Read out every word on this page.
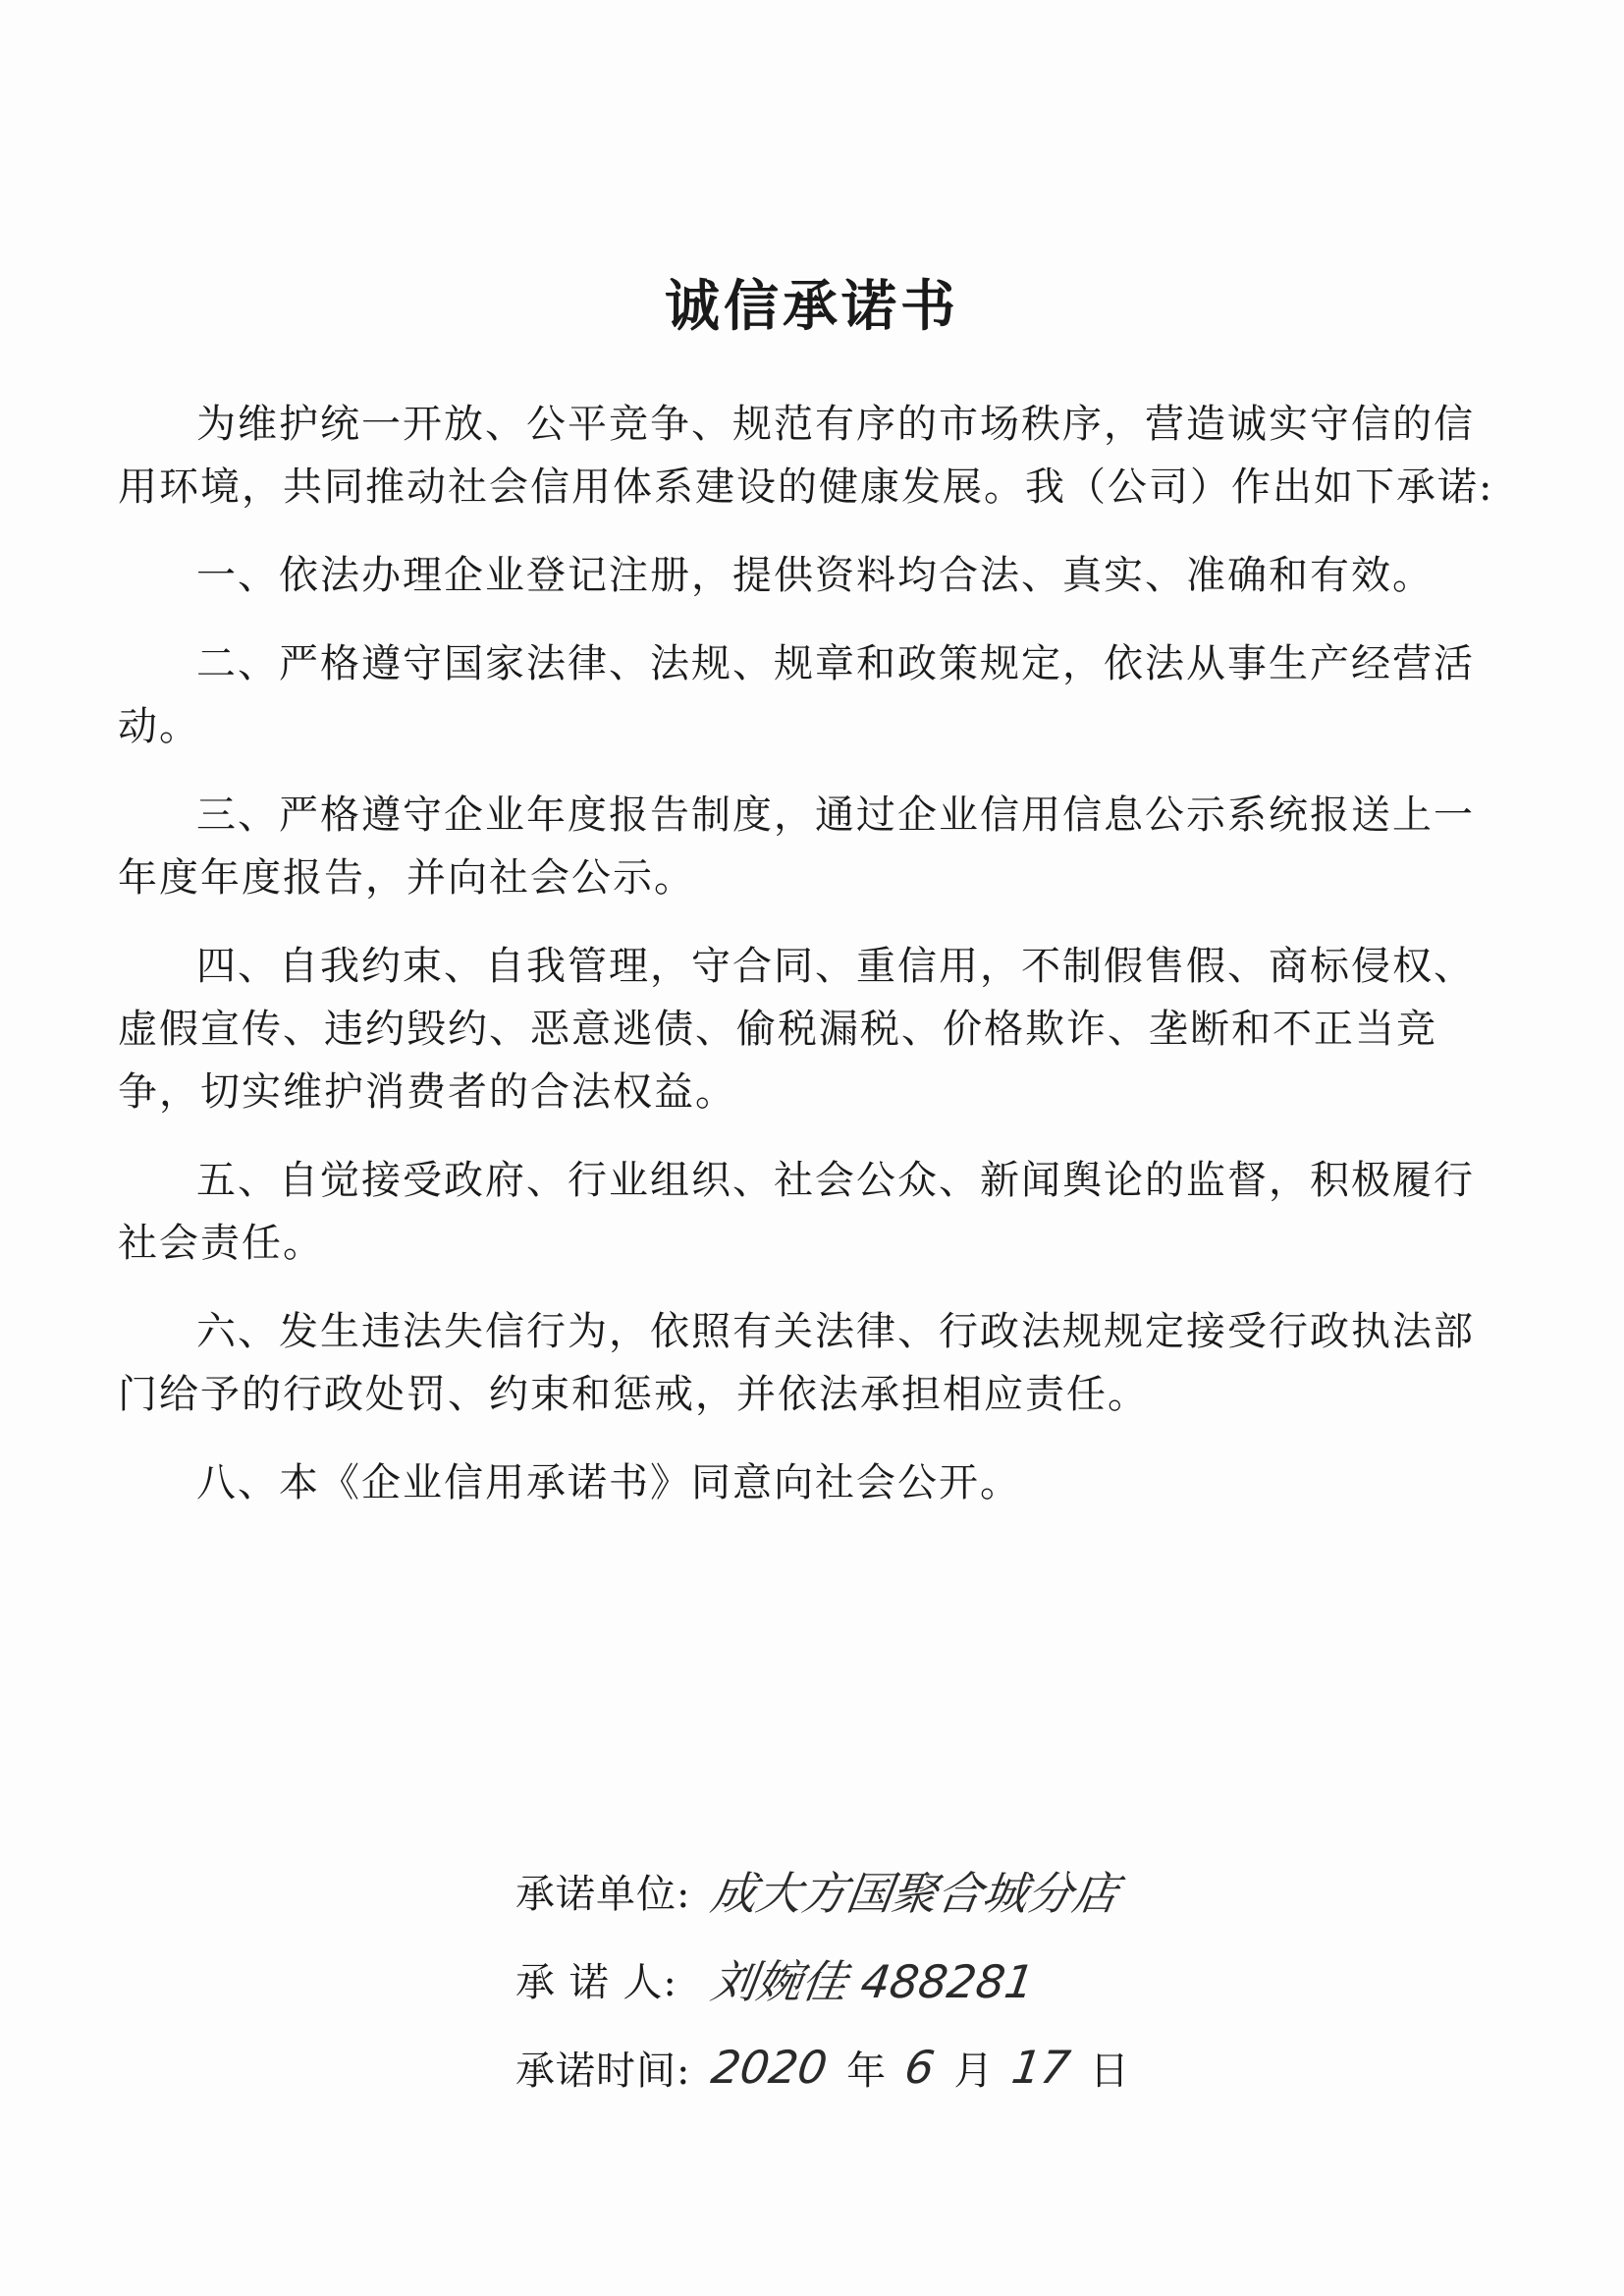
诚信承诺书

为维护统一开放、公平竞争、规范有序的市场秩序，营造诚实守信的信用环境，共同推动社会信用体系建设的健康发展。我（公司）作出如下承诺:

一、依法办理企业登记注册，提供资料均合法、真实、准确和有效。

二、严格遵守国家法律、法规、规章和政策规定，依法从事生产经营活动。

三、严格遵守企业年度报告制度，通过企业信用信息公示系统报送上一年度年度报告，并向社会公示。

四、自我约束、自我管理，守合同、重信用，不制假售假、商标侵权、虚假宣传、违约毁约、恶意逃债、偷税漏税、价格欺诈、垄断和不正当竞争，切实维护消费者的合法权益。

五、自觉接受政府、行业组织、社会公众、新闻舆论的监督，积极履行社会责任。

六、发生违法失信行为，依照有关法律、行政法规规定接受行政执法部门给予的行政处罚、约束和惩戒，并依法承担相应责任。

八、本《企业信用承诺书》同意向社会公开。

承诺单位: 成大方国聚合城分店
承 诺 人: 刘婉佳 488281
承诺时间: 2020 年 6 月 17 日
